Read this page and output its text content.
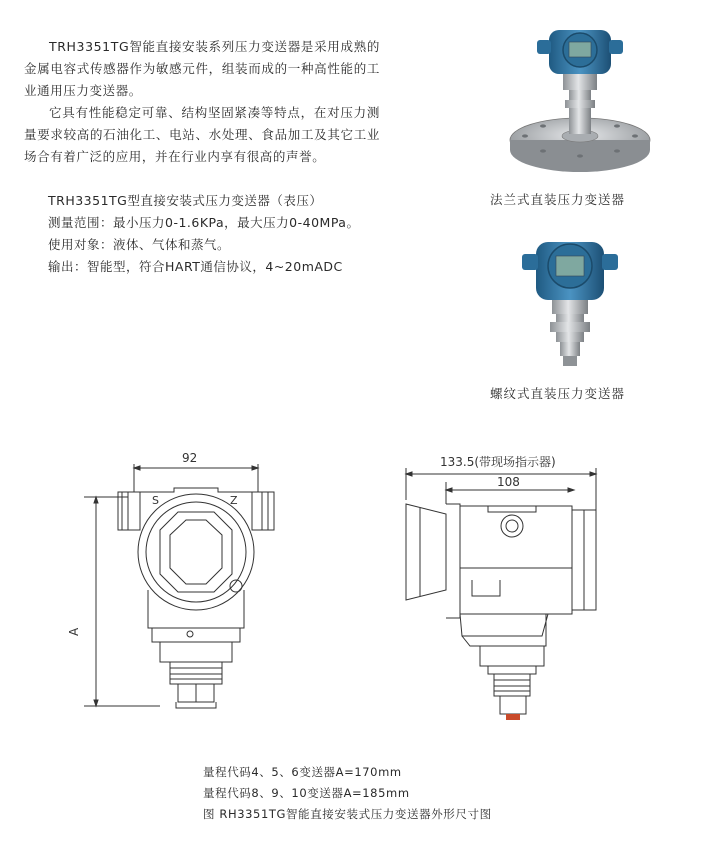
TRH3351TG智能直接安装系列压力变送器是采用成熟的金属电容式传感器作为敏感元件，组装而成的一种高性能的工业通用压力变送器。

它具有性能稳定可靠、结构坚固紧凑等特点，在对压力测量要求较高的石油化工、电站、水处理、食品加工及其它工业场合有着广泛的应用，并在行业内享有很高的声誉。

TRH3351TG型直接安装式压力变送器（表压）
测量范围：最小压力0-1.6KPa，最大压力0-40MPa。
使用对象：液体、气体和蒸气。
输出：智能型，符合HART通信协议，4~20mADC
法兰式直装压力变送器
螺纹式直装压力变送器
92
A
S	Z
133.5(带现场指示器)
108
量程代码4、5、6变送器A=170mm
量程代码8、9、10变送器A=185mm
图 RH3351TG智能直接安装式压力变送器外形尺寸图
